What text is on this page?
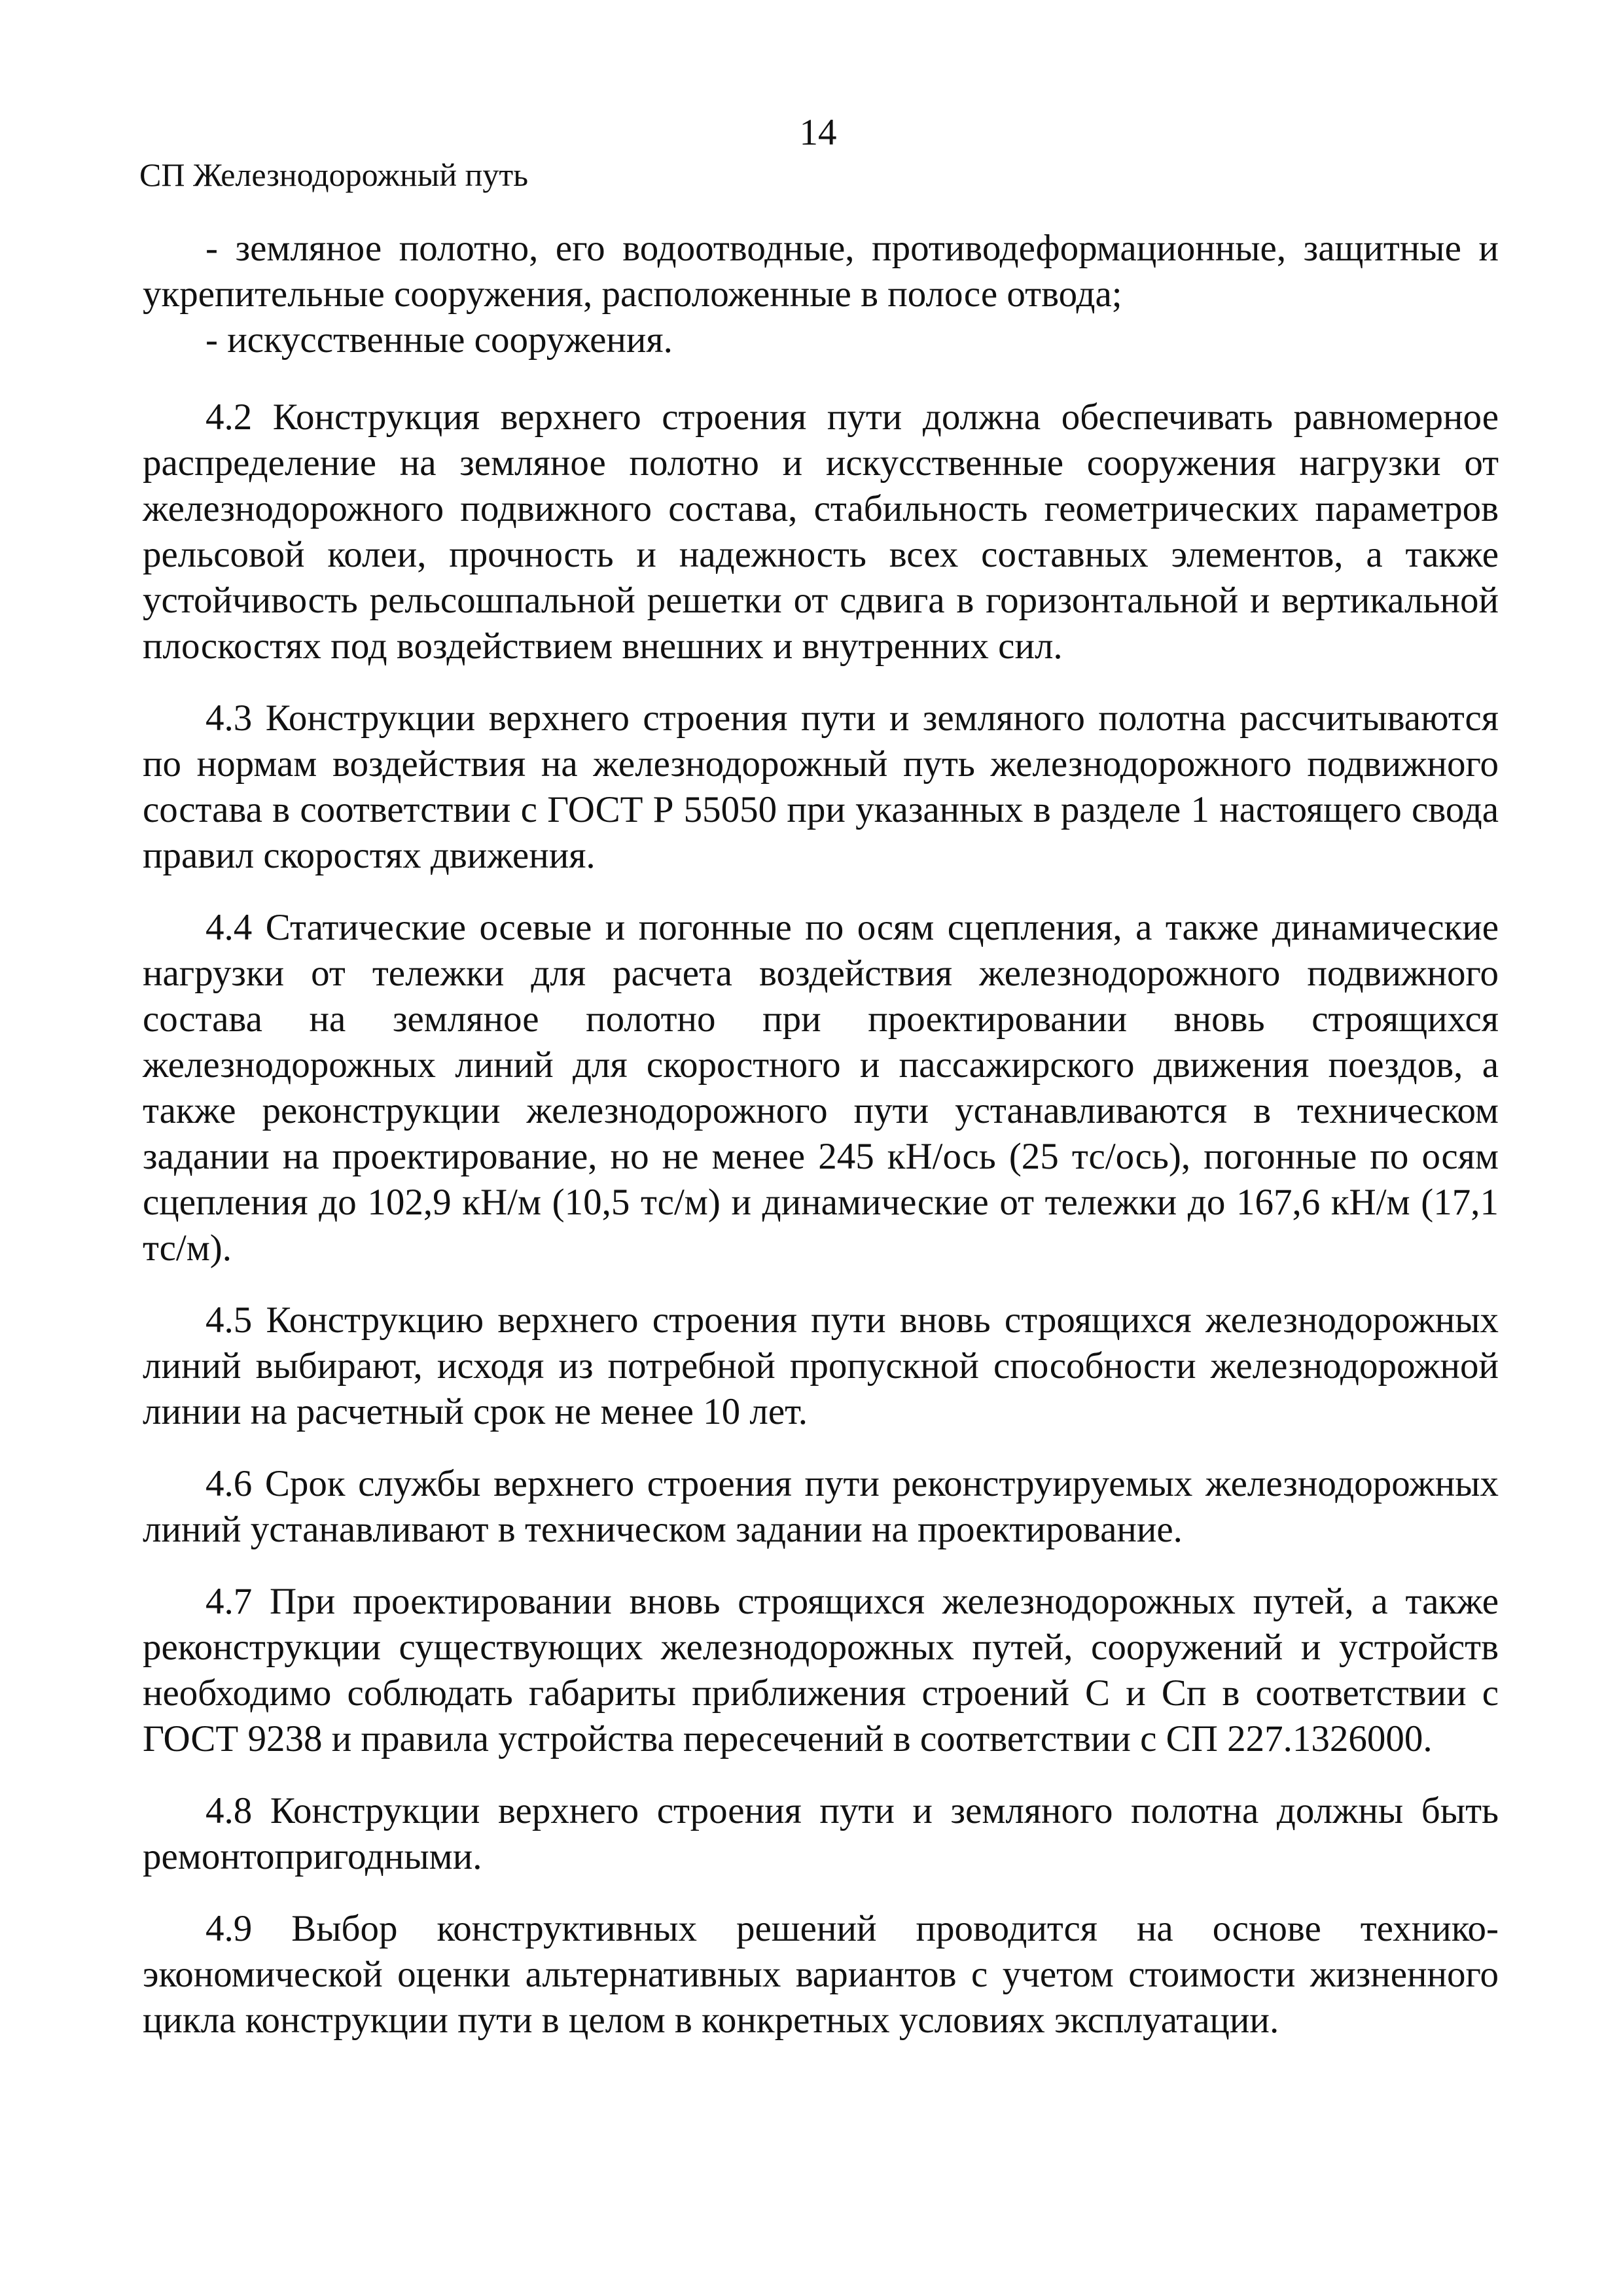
14
СП Железнодорожный путь

- земляное полотно, его водоотводные, противодеформационные, защитные и укрепительные сооружения, расположенные в полосе отвода;

- искусственные сооружения.

4.2 Конструкция верхнего строения пути должна обеспечивать равномерное распределение на земляное полотно и искусственные сооружения нагрузки от железнодорожного подвижного состава, стабильность геометрических параметров рельсовой колеи, прочность и надежность всех составных элементов, а также устойчивость рельсошпальной решетки от сдвига в горизонтальной и вертикальной плоскостях под воздействием внешних и внутренних сил.

4.3 Конструкции верхнего строения пути и земляного полотна рассчитываются по нормам воздействия на железнодорожный путь железнодорожного подвижного состава в соответствии с ГОСТ Р 55050 при указанных в разделе 1 настоящего свода правил скоростях движения.

4.4 Статические осевые и погонные по осям сцепления, а также динамические нагрузки от тележки для расчета воздействия железнодорожного подвижного состава на земляное полотно при проектировании вновь строящихся железнодорожных линий для скоростного и пассажирского движения поездов, а также реконструкции железнодорожного пути устанавливаются в техническом задании на проектирование, но не менее 245 кН/ось (25 тс/ось), погонные по осям сцепления до 102,9 кН/м (10,5 тс/м) и динамические от тележки до 167,6 кН/м (17,1 тс/м).

4.5 Конструкцию верхнего строения пути вновь строящихся железнодорожных линий выбирают, исходя из потребной пропускной способности железнодорожной линии на расчетный срок не менее 10 лет.

4.6 Срок службы верхнего строения пути реконструируемых железнодорожных линий устанавливают в техническом задании на проектирование.

4.7 При проектировании вновь строящихся железнодорожных путей, а также реконструкции существующих железнодорожных путей, сооружений и устройств необходимо соблюдать габариты приближения строений С и Сп в соответствии с ГОСТ 9238 и правила устройства пересечений в соответствии с СП 227.1326000.

4.8 Конструкции верхнего строения пути и земляного полотна должны быть ремонтопригодными.

4.9 Выбор конструктивных решений проводится на основе технико-экономической оценки альтернативных вариантов с учетом стоимости жизненного цикла конструкции пути в целом в конкретных условиях эксплуатации.
